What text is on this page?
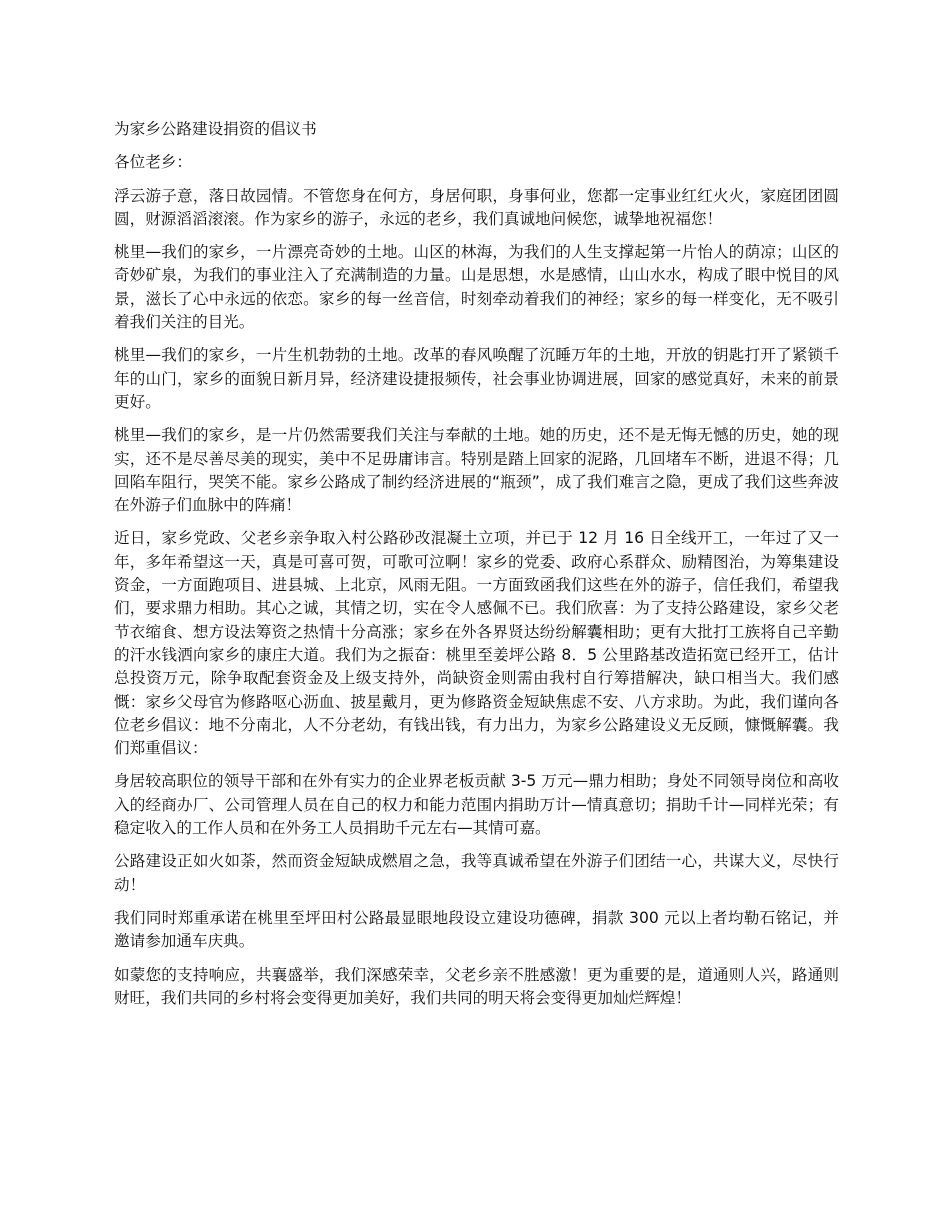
为家乡公路建设捐资的倡议书

各位老乡：

浮云游子意，落日故园情。不管您身在何方，身居何职，身事何业，您都一定事业红红火火，家庭团团圆圆，财源滔滔滚滚。作为家乡的游子，永远的老乡，我们真诚地问候您，诚挚地祝福您！

桃里—我们的家乡，一片漂亮奇妙的土地。山区的林海，为我们的人生支撑起第一片怡人的荫凉；山区的奇妙矿泉，为我们的事业注入了充满制造的力量。山是思想，水是感情，山山水水，构成了眼中悦目的风景，滋长了心中永远的依恋。家乡的每一丝音信，时刻牵动着我们的神经；家乡的每一样变化，无不吸引着我们关注的目光。

桃里—我们的家乡，一片生机勃勃的土地。改革的春风唤醒了沉睡万年的土地，开放的钥匙打开了紧锁千年的山门，家乡的面貌日新月异，经济建设捷报频传，社会事业协调进展，回家的感觉真好，未来的前景更好。

桃里—我们的家乡，是一片仍然需要我们关注与奉献的土地。她的历史，还不是无悔无憾的历史，她的现实，还不是尽善尽美的现实，美中不足毋庸讳言。特别是踏上回家的泥路，几回堵车不断，进退不得；几回陷车阻行，哭笑不能。家乡公路成了制约经济进展的“瓶颈”，成了我们难言之隐，更成了我们这些奔波在外游子们血脉中的阵痛！

近日，家乡党政、父老乡亲争取入村公路砂改混凝土立项，并已于 12 月 16 日全线开工，一年过了又一年，多年希望这一天，真是可喜可贺，可歌可泣啊！家乡的党委、政府心系群众、励精图治，为筹集建设资金，一方面跑项目、进县城、上北京，风雨无阻。一方面致函我们这些在外的游子，信任我们，希望我们，要求鼎力相助。其心之诚，其情之切，实在令人感佩不已。我们欣喜：为了支持公路建设，家乡父老节衣缩食、想方设法筹资之热情十分高涨；家乡在外各界贤达纷纷解囊相助；更有大批打工族将自己辛勤的汗水钱洒向家乡的康庄大道。我们为之振奋：桃里至姜坪公路 8．5 公里路基改造拓宽已经开工，估计总投资万元，除争取配套资金及上级支持外，尚缺资金则需由我村自行筹措解决，缺口相当大。我们感慨：家乡父母官为修路呕心沥血、披星戴月，更为修路资金短缺焦虑不安、八方求助。为此，我们谨向各位老乡倡议：地不分南北，人不分老幼，有钱出钱，有力出力，为家乡公路建设义无反顾，慷慨解囊。我们郑重倡议：

身居较高职位的领导干部和在外有实力的企业界老板贡献 3-5 万元—鼎力相助；身处不同领导岗位和高收入的经商办厂、公司管理人员在自己的权力和能力范围内捐助万计—情真意切；捐助千计—同样光荣；有稳定收入的工作人员和在外务工人员捐助千元左右—其情可嘉。

公路建设正如火如荼，然而资金短缺成燃眉之急，我等真诚希望在外游子们团结一心，共谋大义，尽快行动！

我们同时郑重承诺在桃里至坪田村公路最显眼地段设立建设功德碑，捐款 300 元以上者均勒石铭记，并邀请参加通车庆典。

如蒙您的支持响应，共襄盛举，我们深感荣幸，父老乡亲不胜感激！更为重要的是，道通则人兴，路通则财旺，我们共同的乡村将会变得更加美好，我们共同的明天将会变得更加灿烂辉煌！
